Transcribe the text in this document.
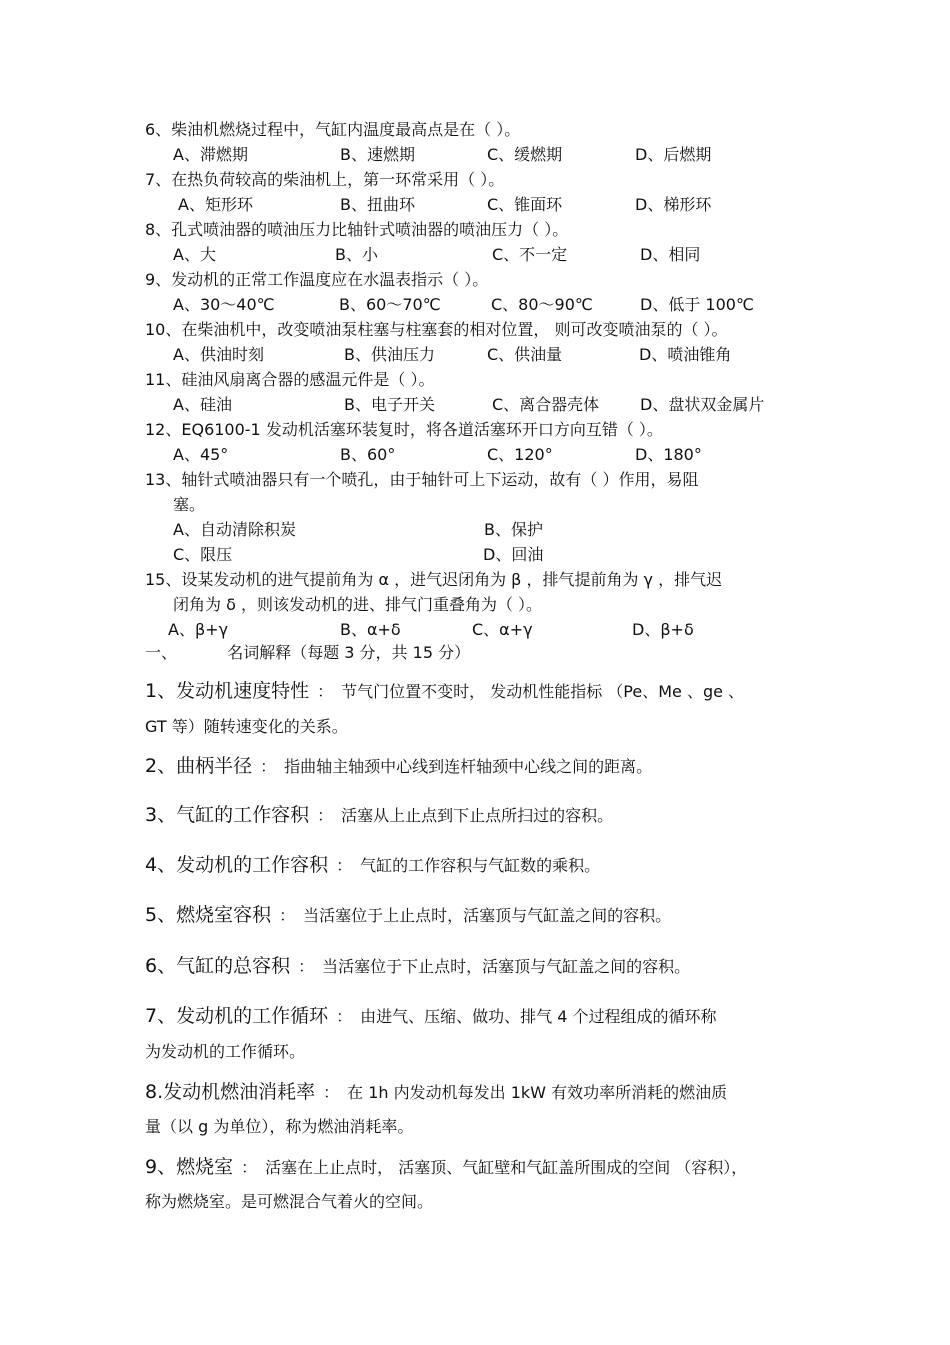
6、柴油机燃烧过程中，气缸内温度最高点是在（ ）。
A、滞燃期	B、速燃期	C、缓燃期	D、后燃期
7、在热负荷较高的柴油机上，第一环常采用（ ）。
A、矩形环	B、扭曲环	C、锥面环	D、梯形环
8、孔式喷油器的喷油压力比轴针式喷油器的喷油压力（ ）。
A、大	B、小	C、不一定	D、相同
9、发动机的正常工作温度应在水温表指示（ ）。
A、30～40℃	B、60～70℃	C、80～90℃	D、低于 100℃
10、在柴油机中，改变喷油泵柱塞与柱塞套的相对位置， 则可改变喷油泵的（ ）。
A、供油时刻	B、供油压力	C、供油量	D、喷油锥角
11、硅油风扇离合器的感温元件是（ ）。
A、硅油	B、电子开关	C、离合器壳体	D、盘状双金属片
12、EQ6100-1 发动机活塞环装复时，将各道活塞环开口方向互错（ ）。
A、45°	B、60°	C、120°	D、180°
13、轴针式喷油器只有一个喷孔，由于轴针可上下运动，故有（ ）作用，易阻
塞。
A、自动清除积炭	B、保护
C、限压	D、回油
15、设某发动机的进气提前角为 α ，进气迟闭角为 β ，排气提前角为 γ ，排气迟
闭角为 δ ，则该发动机的进、排气门重叠角为（ ）。
A、β+γ	B、α+δ	C、α+γ	D、β+δ
一、	名词解释（每题 3 分，共 15 分）
1、发动机速度特性 ： 节气门位置不变时， 发动机性能指标 （Pe、Me 、ge 、
GT 等）随转速变化的关系。
2、曲柄半径 ： 指曲轴主轴颈中心线到连杆轴颈中心线之间的距离。
3、气缸的工作容积 ： 活塞从上止点到下止点所扫过的容积。
4、发动机的工作容积 ： 气缸的工作容积与气缸数的乘积。
5、燃烧室容积 ： 当活塞位于上止点时，活塞顶与气缸盖之间的容积。
6、气缸的总容积 ： 当活塞位于下止点时，活塞顶与气缸盖之间的容积。
7、发动机的工作循环 ： 由进气、压缩、做功、排气 4 个过程组成的循环称
为发动机的工作循环。
8.发动机燃油消耗率 ： 在 1h 内发动机每发出 1kW 有效功率所消耗的燃油质
量（以 g 为单位），称为燃油消耗率。
9、燃烧室 ： 活塞在上止点时， 活塞顶、气缸壁和气缸盖所围成的空间 （容积），
称为燃烧室。是可燃混合气着火的空间。
